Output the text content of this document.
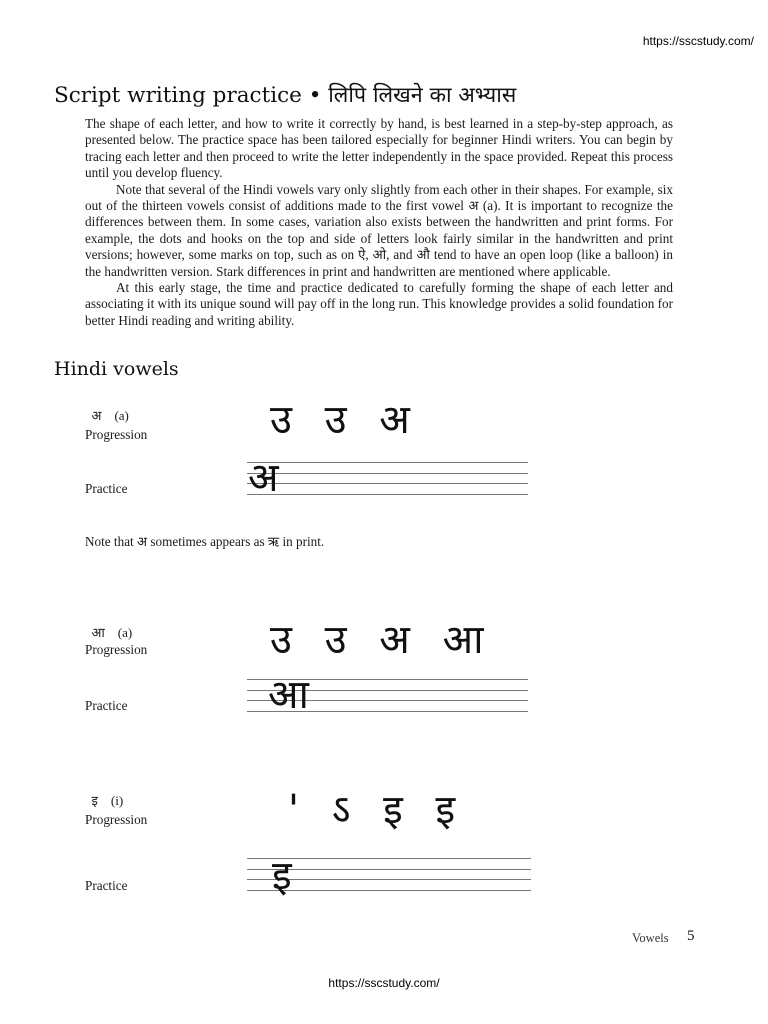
https://sscstudy.com/
Script writing practice • लिपि लिखने का अभ्यास

The shape of each letter, and how to write it correctly by hand, is best learned in a step-by-step approach, as presented below. The practice space has been tailored especially for beginner Hindi writers. You can begin by tracing each letter and then proceed to write the letter independently in the space provided. Repeat this process until you develop fluency.

Note that several of the Hindi vowels vary only slightly from each other in their shapes. For example, six out of the thirteen vowels consist of additions made to the first vowel अ (a). It is important to recognize the differences between them. In some cases, variation also exists between the handwritten and print forms. For example, the dots and hooks on the top and side of letters look fairly similar in the handwritten and print versions; however, some marks on top, such as on ऐ, ओ, and औ tend to have an open loop (like a balloon) in the handwritten version. Stark differences in print and handwritten are mentioned where applicable.

At this early stage, the time and practice dedicated to carefully forming the shape of each letter and associating it with its unique sound will pay off in the long run. This knowledge provides a solid foundation for better Hindi reading and writing ability.

Hindi vowels

अ (a)

Progression	उ उ अ
Practice	अ
Note that अ sometimes appears as ऋ in print.

आ (a)

Progression	उ उ अ आ
Practice	आ

इ (i)

Progression	' ऽ इ इ
Practice	इ
Vowels 5
https://sscstudy.com/
